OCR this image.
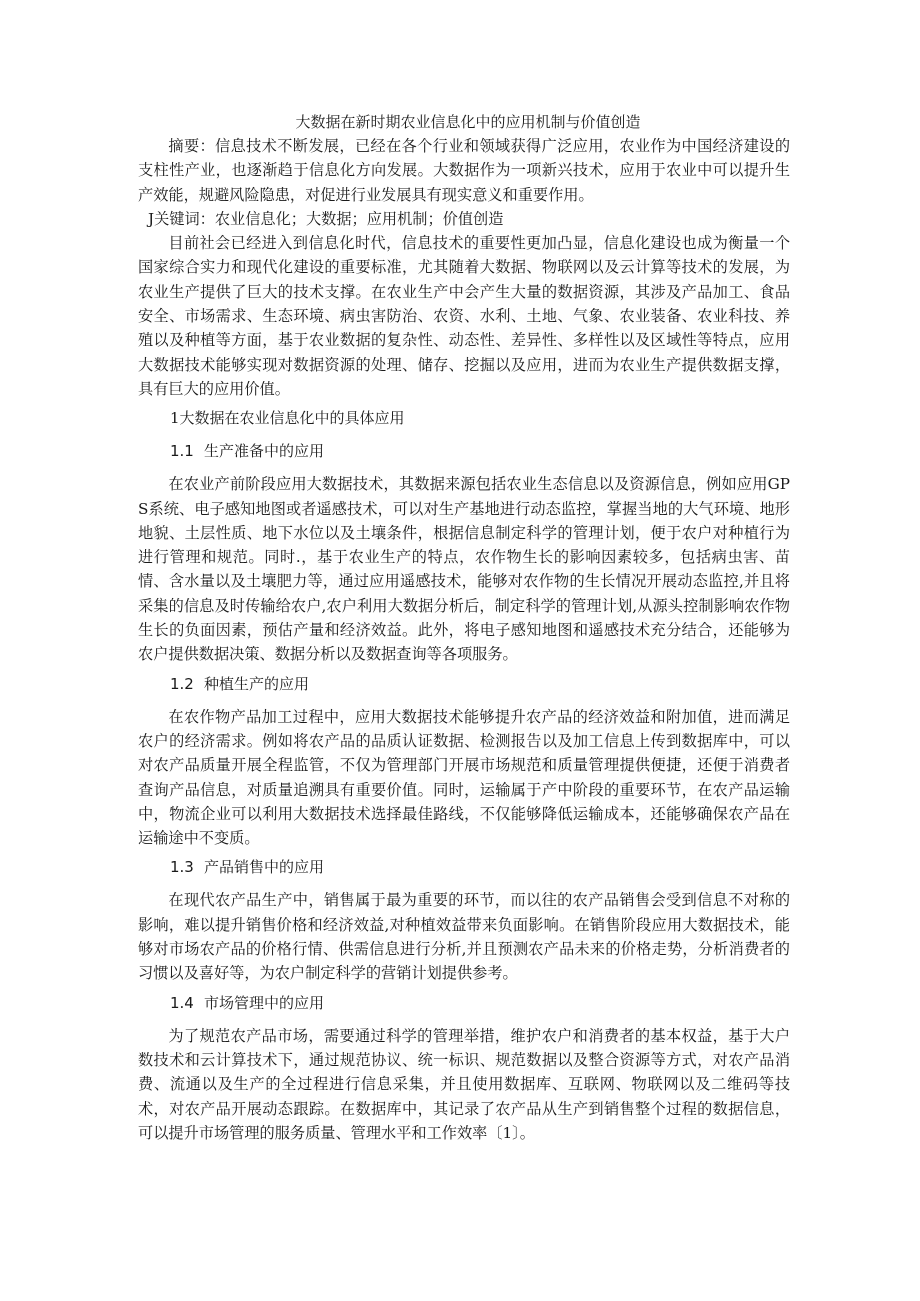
大数据在新时期农业信息化中的应用机制与价值创造

摘要：信息技术不断发展，已经在各个行业和领域获得广泛应用，农业作为中国经济建设的支柱性产业，也逐渐趋于信息化方向发展。大数据作为一项新兴技术，应用于农业中可以提升生产效能，规避风险隐患，对促进行业发展具有现实意义和重要作用。

J关键词：农业信息化；大数据；应用机制；价值创造

目前社会已经进入到信息化时代，信息技术的重要性更加凸显，信息化建设也成为衡量一个国家综合实力和现代化建设的重要标准，尤其随着大数据、物联网以及云计算等技术的发展，为农业生产提供了巨大的技术支撑。在农业生产中会产生大量的数据资源，其涉及产品加工、食品安全、市场需求、生态环境、病虫害防治、农资、水利、土地、气象、农业装备、农业科技、养殖以及种植等方面，基于农业数据的复杂性、动态性、差异性、多样性以及区域性等特点，应用大数据技术能够实现对数据资源的处理、储存、挖掘以及应用，进而为农业生产提供数据支撑，具有巨大的应用价值。

1大数据在农业信息化中的具体应用
1.1 生产准备中的应用

在农业产前阶段应用大数据技术，其数据来源包括农业生态信息以及资源信息，例如应用GPS系统、电子感知地图或者遥感技术，可以对生产基地进行动态监控，掌握当地的大气环境、地形地貌、土层性质、地下水位以及土壤条件，根据信息制定科学的管理计划，便于农户对种植行为进行管理和规范。同时.，基于农业生产的特点，农作物生长的影响因素较多，包括病虫害、苗情、含水量以及土壤肥力等，通过应用遥感技术，能够对农作物的生长情况开展动态监控,并且将采集的信息及时传输给农户,农户利用大数据分析后，制定科学的管理计划,从源头控制影响农作物生长的负面因素，预估产量和经济效益。此外，将电子感知地图和遥感技术充分结合，还能够为农户提供数据决策、数据分析以及数据查询等各项服务。

1.2 种植生产的应用

在农作物产品加工过程中，应用大数据技术能够提升农产品的经济效益和附加值，进而满足农户的经济需求。例如将农产品的品质认证数据、检测报告以及加工信息上传到数据库中，可以对农产品质量开展全程监管，不仅为管理部门开展市场规范和质量管理提供便捷，还便于消费者查询产品信息，对质量追溯具有重要价值。同时，运输属于产中阶段的重要环节，在农产品运输中，物流企业可以利用大数据技术选择最佳路线，不仅能够降低运输成本，还能够确保农产品在运输途中不变质。

1.3 产品销售中的应用

在现代农产品生产中，销售属于最为重要的环节，而以往的农产品销售会受到信息不对称的影响，难以提升销售价格和经济效益,对种植效益带来负面影响。在销售阶段应用大数据技术，能够对市场农产品的价格行情、供需信息进行分析,并且预测农产品未来的价格走势，分析消费者的习惯以及喜好等，为农户制定科学的营销计划提供参考。

1.4 市场管理中的应用

为了规范农产品市场，需要通过科学的管理举措，维护农户和消费者的基本权益，基于大户数技术和云计算技术下，通过规范协议、统一标识、规范数据以及整合资源等方式，对农产品消费、流通以及生产的全过程进行信息采集，并且使用数据库、互联网、物联网以及二维码等技术，对农产品开展动态跟踪。在数据库中，其记录了农产品从生产到销售整个过程的数据信息，可以提升市场管理的服务质量、管理水平和工作效率〔1〕。
